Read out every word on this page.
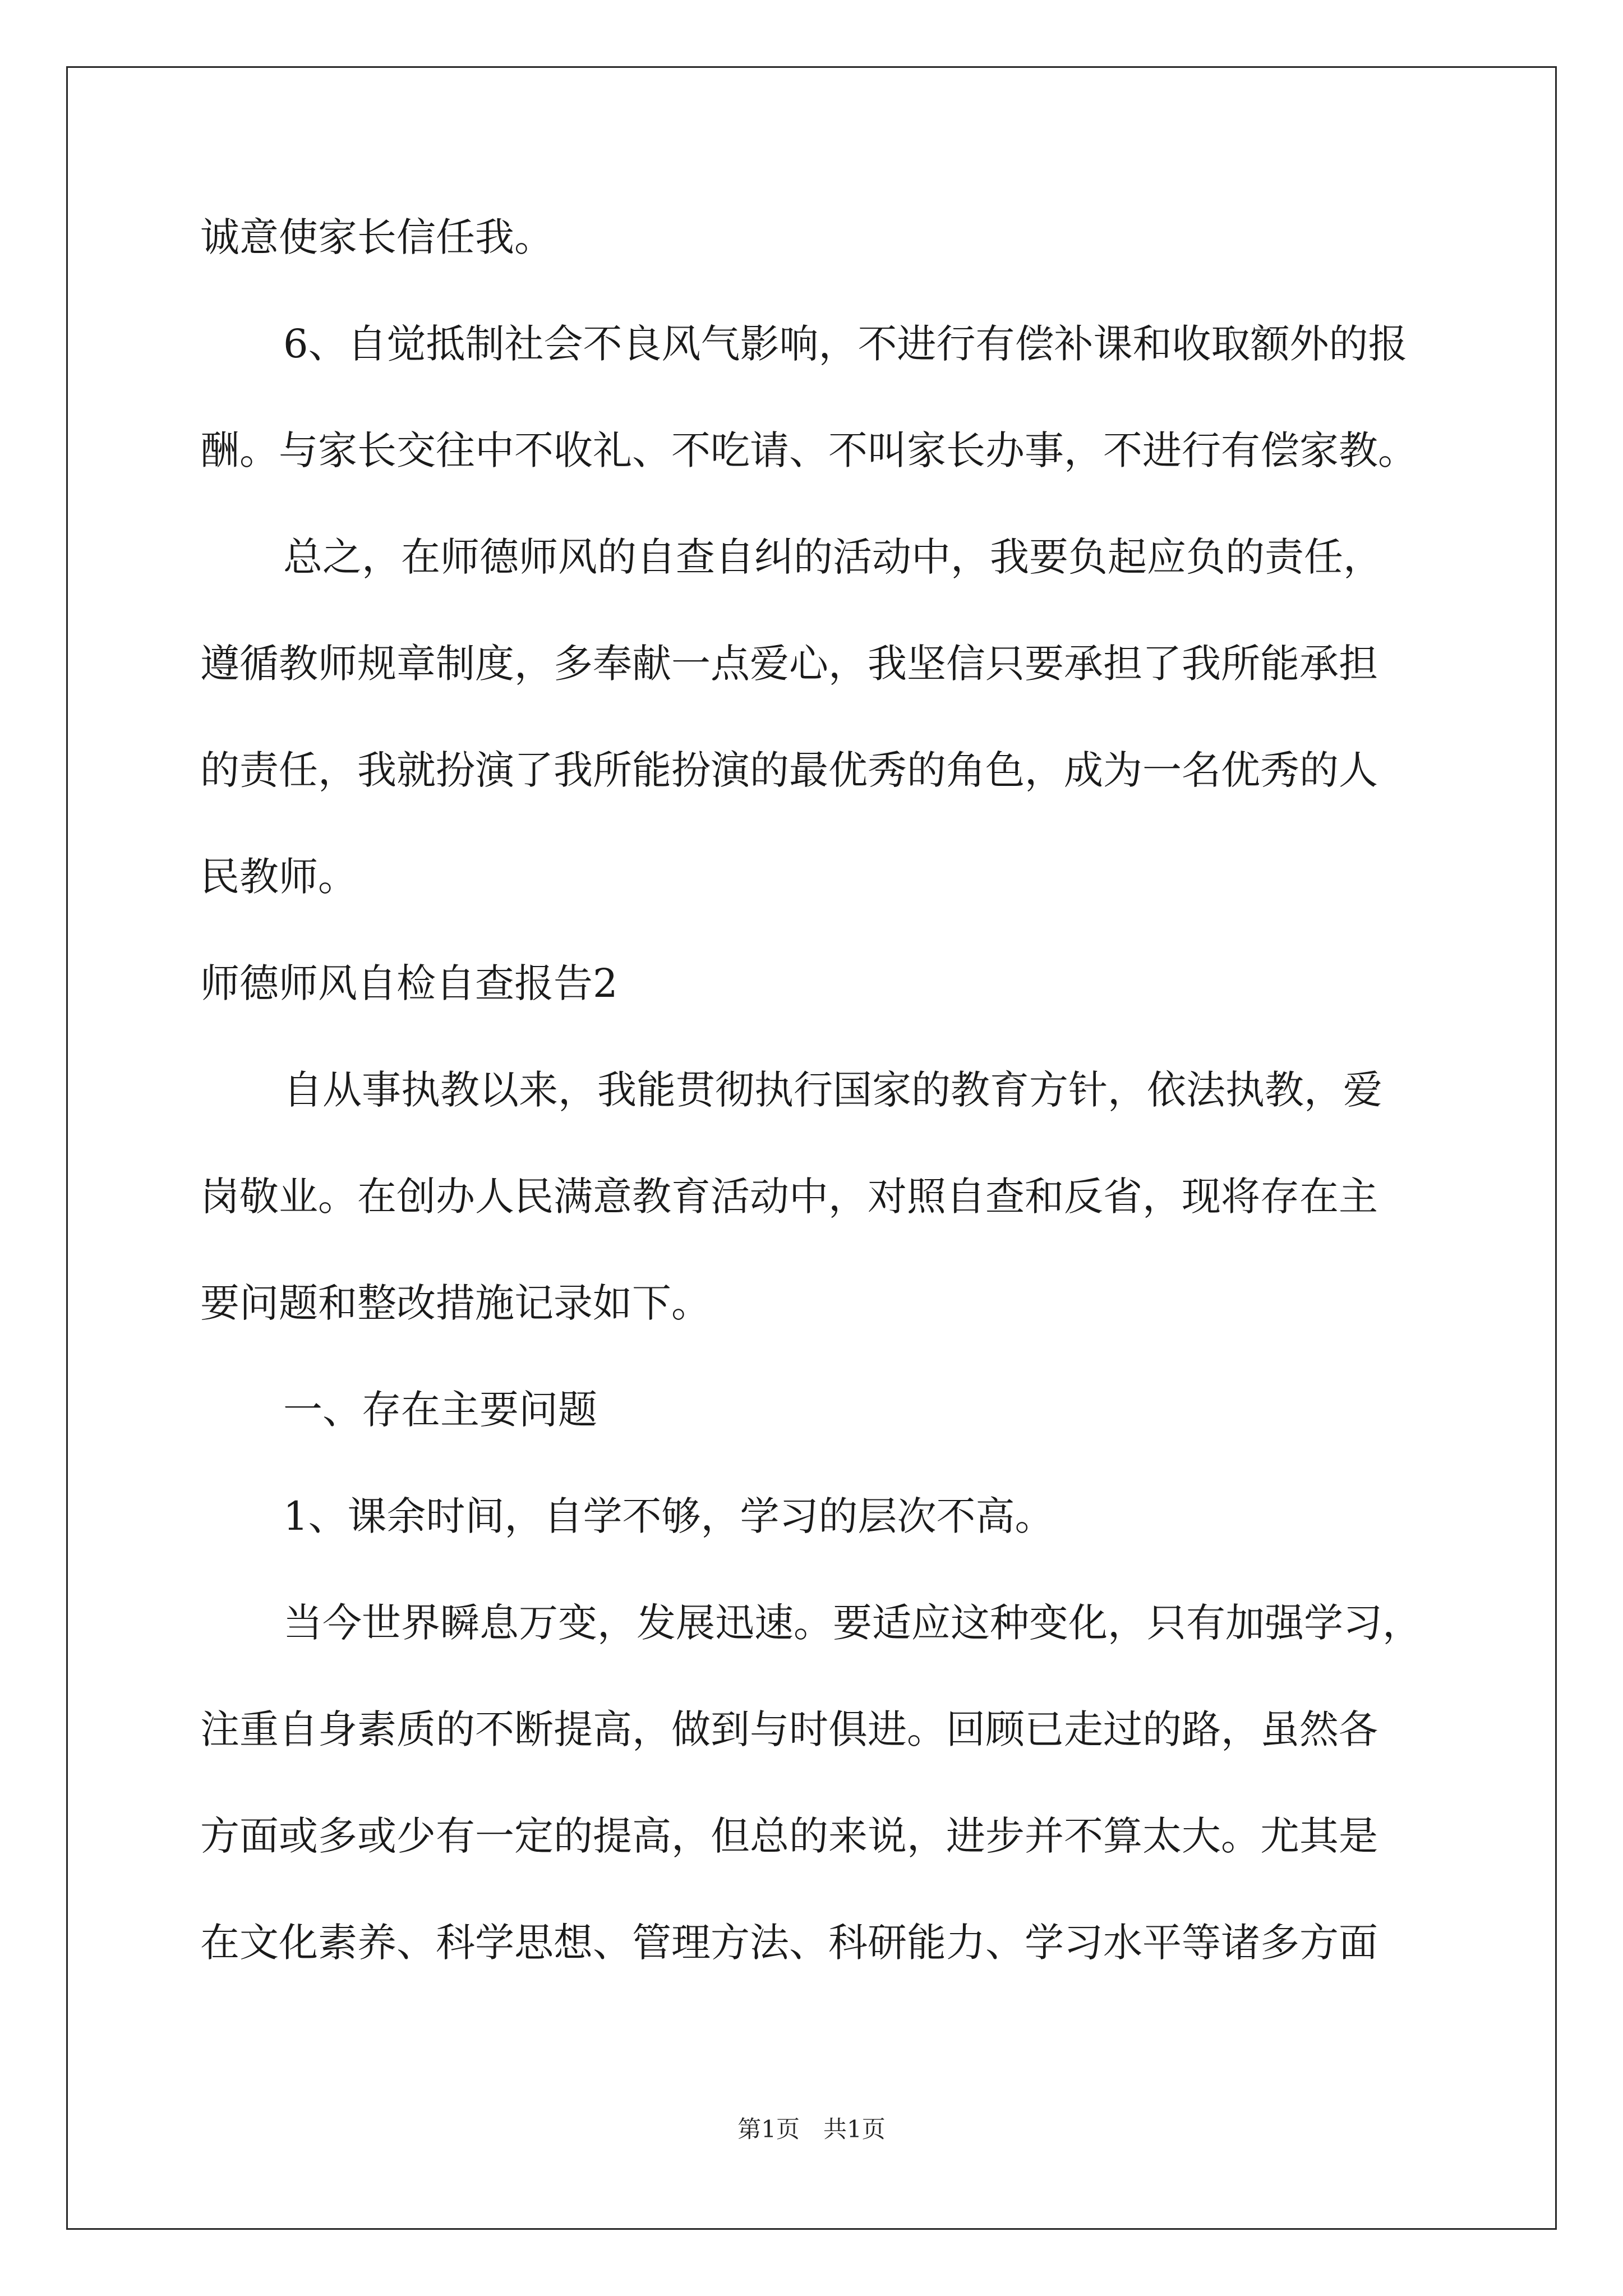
诚意使家长信任我。
6、自觉抵制社会不良风气影响，不进行有偿补课和收取额外的报
酬。与家长交往中不收礼、不吃请、不叫家长办事，不进行有偿家教。
总之，在师德师风的自查自纠的活动中，我要负起应负的责任，
遵循教师规章制度，多奉献一点爱心，我坚信只要承担了我所能承担
的责任，我就扮演了我所能扮演的最优秀的角色，成为一名优秀的人
民教师。
师德师风自检自查报告2
自从事执教以来，我能贯彻执行国家的教育方针，依法执教，爱
岗敬业。在创办人民满意教育活动中，对照自查和反省，现将存在主
要问题和整改措施记录如下。
一、存在主要问题
1、课余时间，自学不够，学习的层次不高。
当今世界瞬息万变，发展迅速。要适应这种变化，只有加强学习，
注重自身素质的不断提高，做到与时俱进。回顾已走过的路，虽然各
方面或多或少有一定的提高，但总的来说，进步并不算太大。尤其是
在文化素养、科学思想、管理方法、科研能力、学习水平等诸多方面
第1页 共1页
